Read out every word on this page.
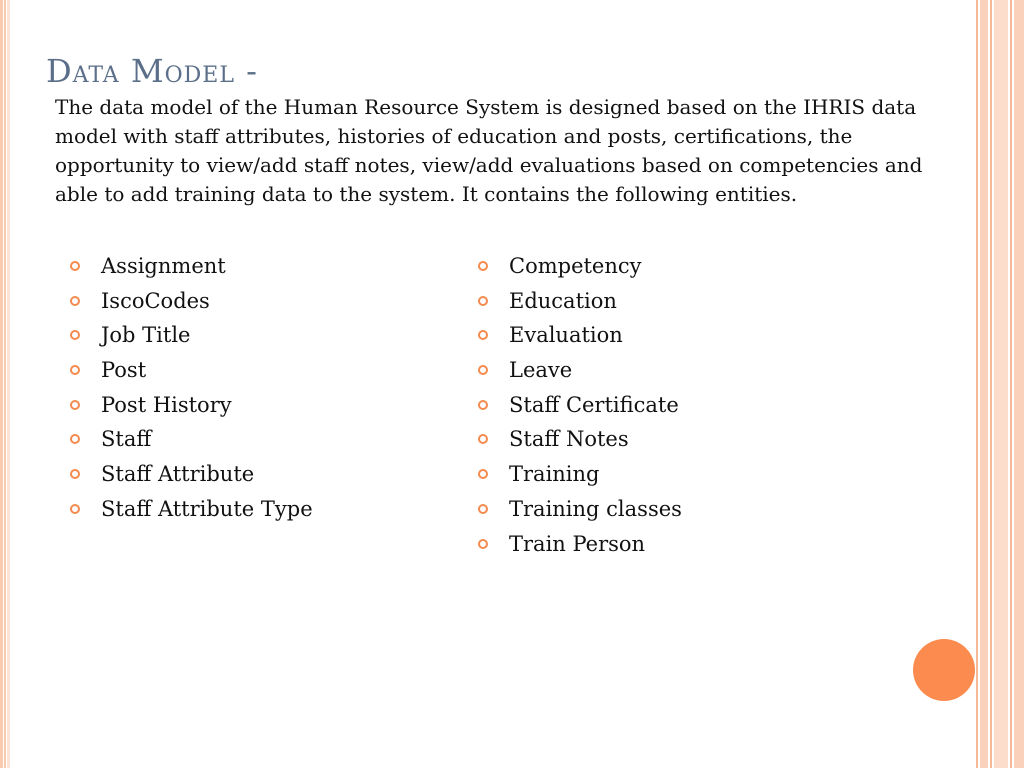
Data Model -

The data model of the Human Resource System is designed based on the IHRIS data model with staff attributes, histories of education and posts, certifications, the opportunity to view/add staff notes, view/add evaluations based on competencies and able to add training data to the system. It contains the following entities.

Assignment
IscoCodes
Job Title
Post
Post History
Staff
Staff Attribute
Staff Attribute Type
Competency
Education
Evaluation
Leave
Staff Certificate
Staff Notes
Training
Training classes
Train Person
